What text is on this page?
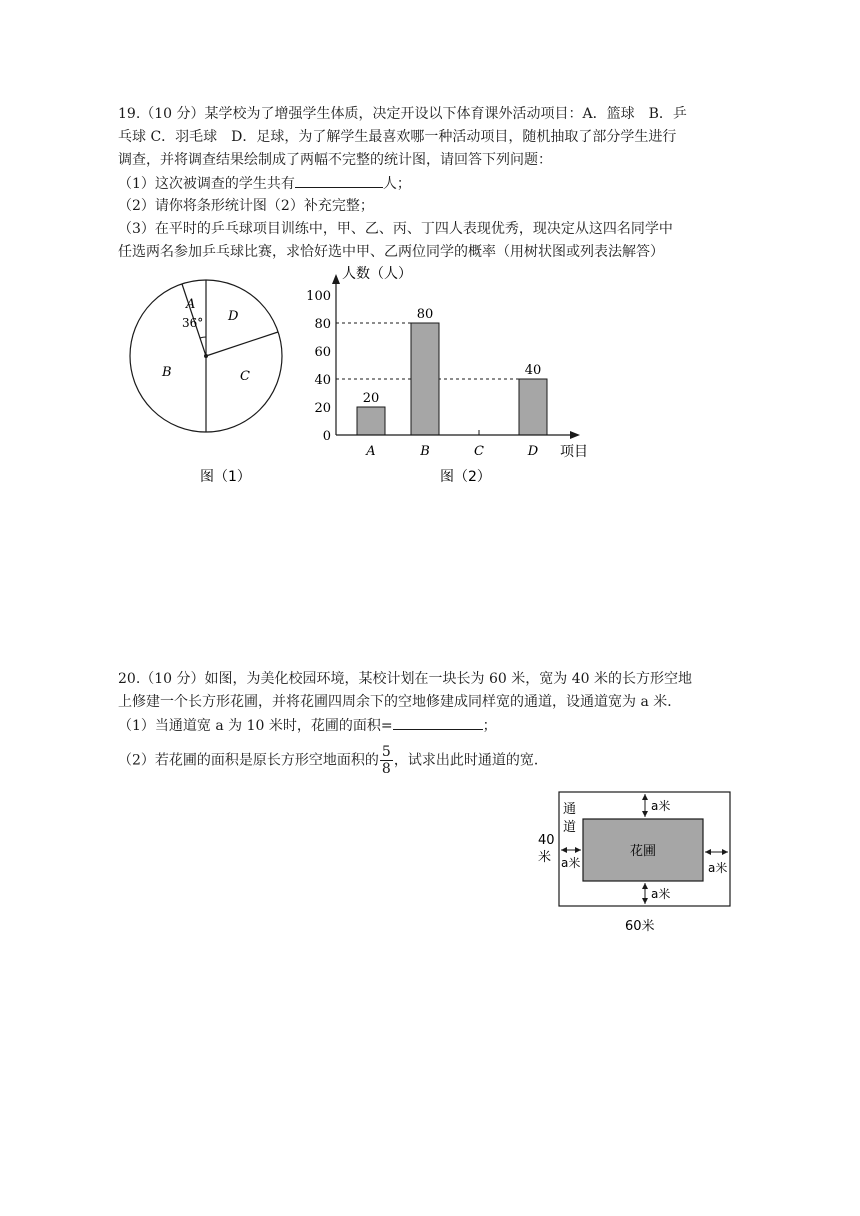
19.（10 分）某学校为了增强学生体质，决定开设以下体育课外活动项目：A．篮球　B．乒
乓球 C．羽毛球　D．足球，为了解学生最喜欢哪一种活动项目，随机抽取了部分学生进行
调查，并将调查结果绘制成了两幅不完整的统计图，请回答下列问题：
（1）这次被调查的学生共有	人；
（2）请你将条形统计图（2）补充完整；
（3）在平时的乒乓球项目训练中，甲、乙、丙、丁四人表现优秀，现决定从这四名同学中
任选两名参加乒乓球比赛，求恰好选中甲、乙两位同学的概率（用树状图或列表法解答）
A
36° D
B	C
图（1）
20
80
40
0
20
40
60
80
100
A	B	C	D
人数（人）
项目
图（2）
20.（10 分）如图，为美化校园环境，某校计划在一块长为 60 米，宽为 40 米的长方形空地
上修建一个长方形花圃，并将花圃四周余下的空地修建成同样宽的通道，设通道宽为 a 米．
（1）当通道宽 a 为 10 米时，花圃的面积=	；
（2）若花圃的面积是原长方形空地面积的 $\frac{5}{8}$ ，试求出此时通道的宽．
花圃
通
道
40
米
60米
a米
a米
a米	a米
